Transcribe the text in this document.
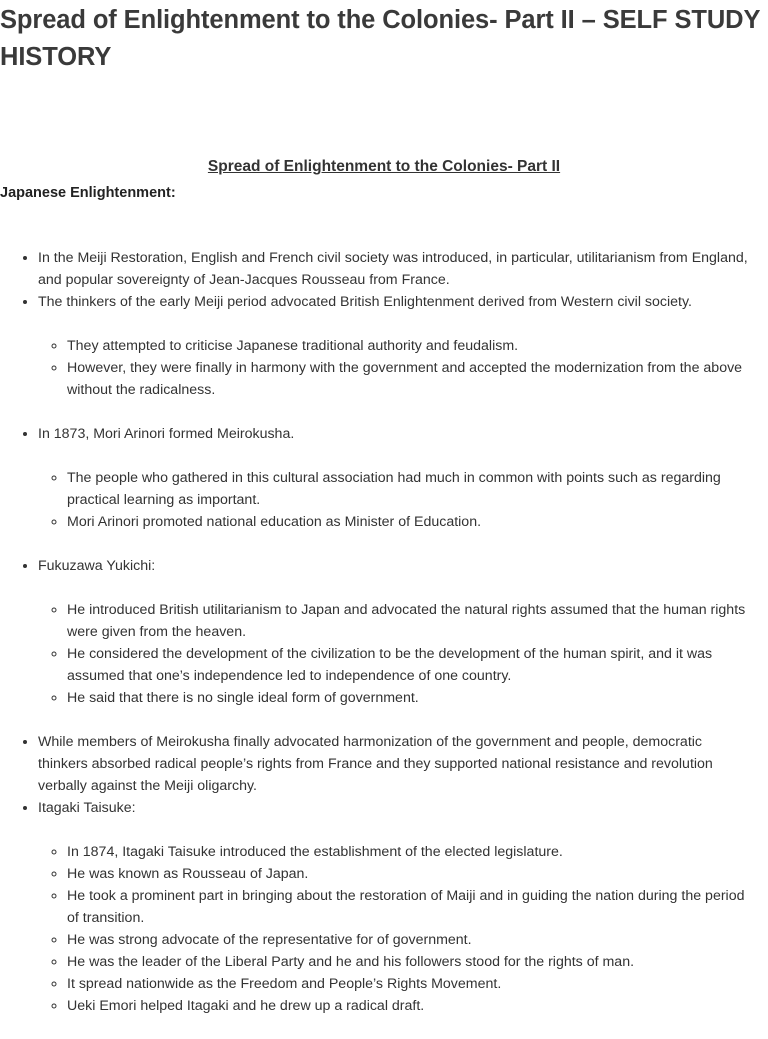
Spread of Enlightenment to the Colonies- Part II – SELF STUDY HISTORY
Spread of Enlightenment to the Colonies- Part II
Japanese Enlightenment:
• In the Meiji Restoration, English and French civil society was introduced, in particular, utilitarianism from England, and popular sovereignty of Jean-Jacques Rousseau from France.
• The thinkers of the early Meiji period advocated British Enlightenment derived from Western civil society.
◦ They attempted to criticise Japanese traditional authority and feudalism.
◦ However, they were finally in harmony with the government and accepted the modernization from the above without the radicalness.
• In 1873, Mori Arinori formed Meirokusha.
◦ The people who gathered in this cultural association had much in common with points such as regarding practical learning as important.
◦ Mori Arinori promoted national education as Minister of Education.
• Fukuzawa Yukichi:
◦ He introduced British utilitarianism to Japan and advocated the natural rights assumed that the human rights were given from the heaven.
◦ He considered the development of the civilization to be the development of the human spirit, and it was assumed that one’s independence led to independence of one country.
◦ He said that there is no single ideal form of government.
• While members of Meirokusha finally advocated harmonization of the government and people, democratic thinkers absorbed radical people’s rights from France and they supported national resistance and revolution verbally against the Meiji oligarchy.
• Itagaki Taisuke:
◦ In 1874, Itagaki Taisuke introduced the establishment of the elected legislature.
◦ He was known as Rousseau of Japan.
◦ He took a prominent part in bringing about the restoration of Maiji and in guiding the nation during the period of transition.
◦ He was strong advocate of the representative for of government.
◦ He was the leader of the Liberal Party and he and his followers stood for the rights of man.
◦ It spread nationwide as the Freedom and People’s Rights Movement.
◦ Ueki Emori helped Itagaki and he drew up a radical draft.
